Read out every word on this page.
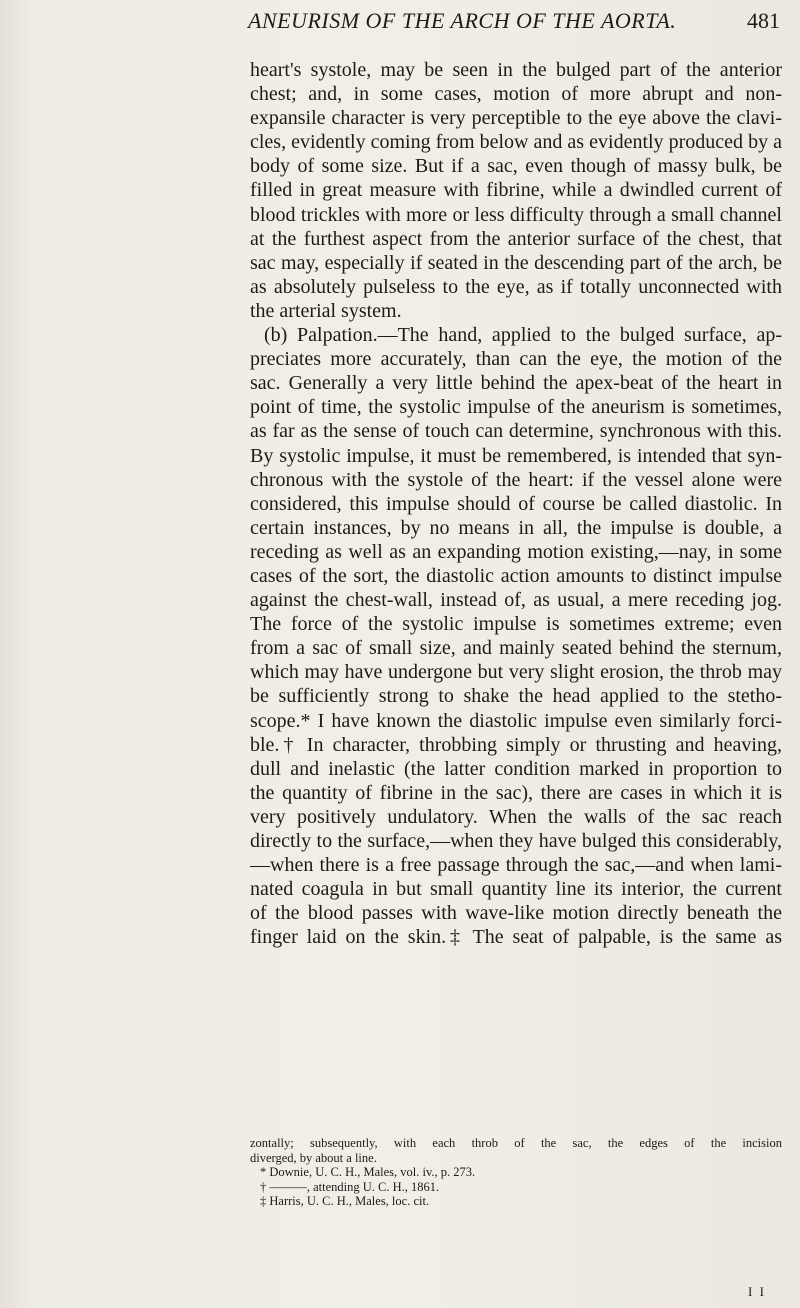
ANEURISM OF THE ARCH OF THE AORTA.	481
heart's systole, may be seen in the bulged part of the anterior
chest; and, in some cases, motion of more abrupt and non-
expansile character is very perceptible to the eye above the clavi-
cles, evidently coming from below and as evidently produced by a
body of some size. But if a sac, even though of massy bulk, be
filled in great measure with fibrine, while a dwindled current of
blood trickles with more or less difficulty through a small channel
at the furthest aspect from the anterior surface of the chest, that
sac may, especially if seated in the descending part of the arch, be
as absolutely pulseless to the eye, as if totally unconnected with
the arterial system.
(b) Palpation.—The hand, applied to the bulged surface, ap-
preciates more accurately, than can the eye, the motion of the
sac. Generally a very little behind the apex-beat of the heart in
point of time, the systolic impulse of the aneurism is sometimes,
as far as the sense of touch can determine, synchronous with this.
By systolic impulse, it must be remembered, is intended that syn-
chronous with the systole of the heart: if the vessel alone were
considered, this impulse should of course be called diastolic. In
certain instances, by no means in all, the impulse is double, a
receding as well as an expanding motion existing,—nay, in some
cases of the sort, the diastolic action amounts to distinct impulse
against the chest-wall, instead of, as usual, a mere receding jog.
The force of the systolic impulse is sometimes extreme; even
from a sac of small size, and mainly seated behind the sternum,
which may have undergone but very slight erosion, the throb may
be sufficiently strong to shake the head applied to the stetho-
scope.* I have known the diastolic impulse even similarly forci-
ble.† In character, throbbing simply or thrusting and heaving,
dull and inelastic (the latter condition marked in proportion to
the quantity of fibrine in the sac), there are cases in which it is
very positively undulatory. When the walls of the sac reach
directly to the surface,—when they have bulged this considerably,
—when there is a free passage through the sac,—and when lami-
nated coagula in but small quantity line its interior, the current
of the blood passes with wave-like motion directly beneath the
finger laid on the skin.‡ The seat of palpable, is the same as
zontally; subsequently, with each throb of the sac, the edges of the incision
diverged, by about a line.
* Downie, U. C. H., Males, vol. iv., p. 273.
† ———, attending U. C. H., 1861.
‡ Harris, U. C. H., Males, loc. cit.
I I
